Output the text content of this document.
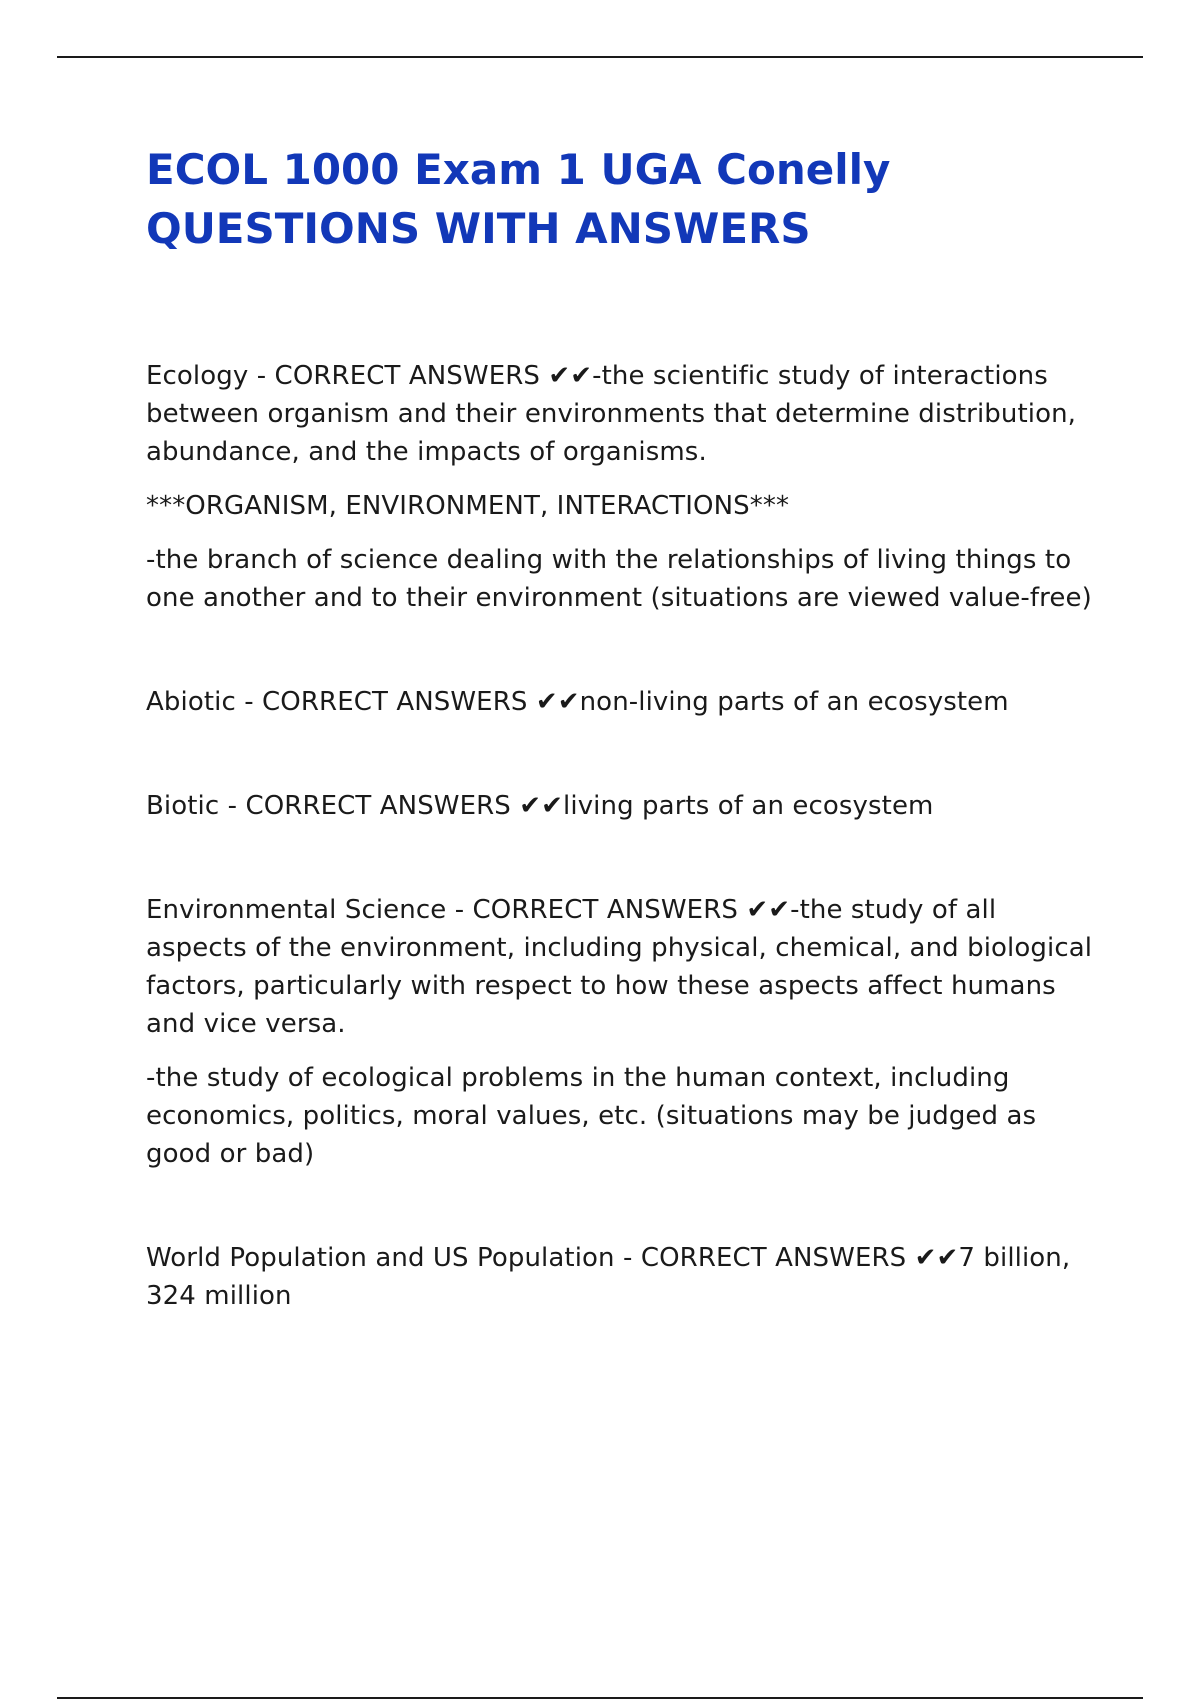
ECOL 1000 Exam 1 UGA Conelly
QUESTIONS WITH ANSWERS

Ecology - CORRECT ANSWERS ✔✔-the scientific study of interactions between organism and their environments that determine distribution, abundance, and the impacts of organisms.

***ORGANISM, ENVIRONMENT, INTERACTIONS***

-the branch of science dealing with the relationships of living things to one another and to their environment (situations are viewed value-free)

Abiotic - CORRECT ANSWERS ✔✔non-living parts of an ecosystem

Biotic - CORRECT ANSWERS ✔✔living parts of an ecosystem

Environmental Science - CORRECT ANSWERS ✔✔-the study of all aspects of the environment, including physical, chemical, and biological factors, particularly with respect to how these aspects affect humans and vice versa.

-the study of ecological problems in the human context, including  economics, politics, moral values, etc. (situations may be judged as good or bad)

World Population and US Population - CORRECT ANSWERS ✔✔7 billion, 324 million
